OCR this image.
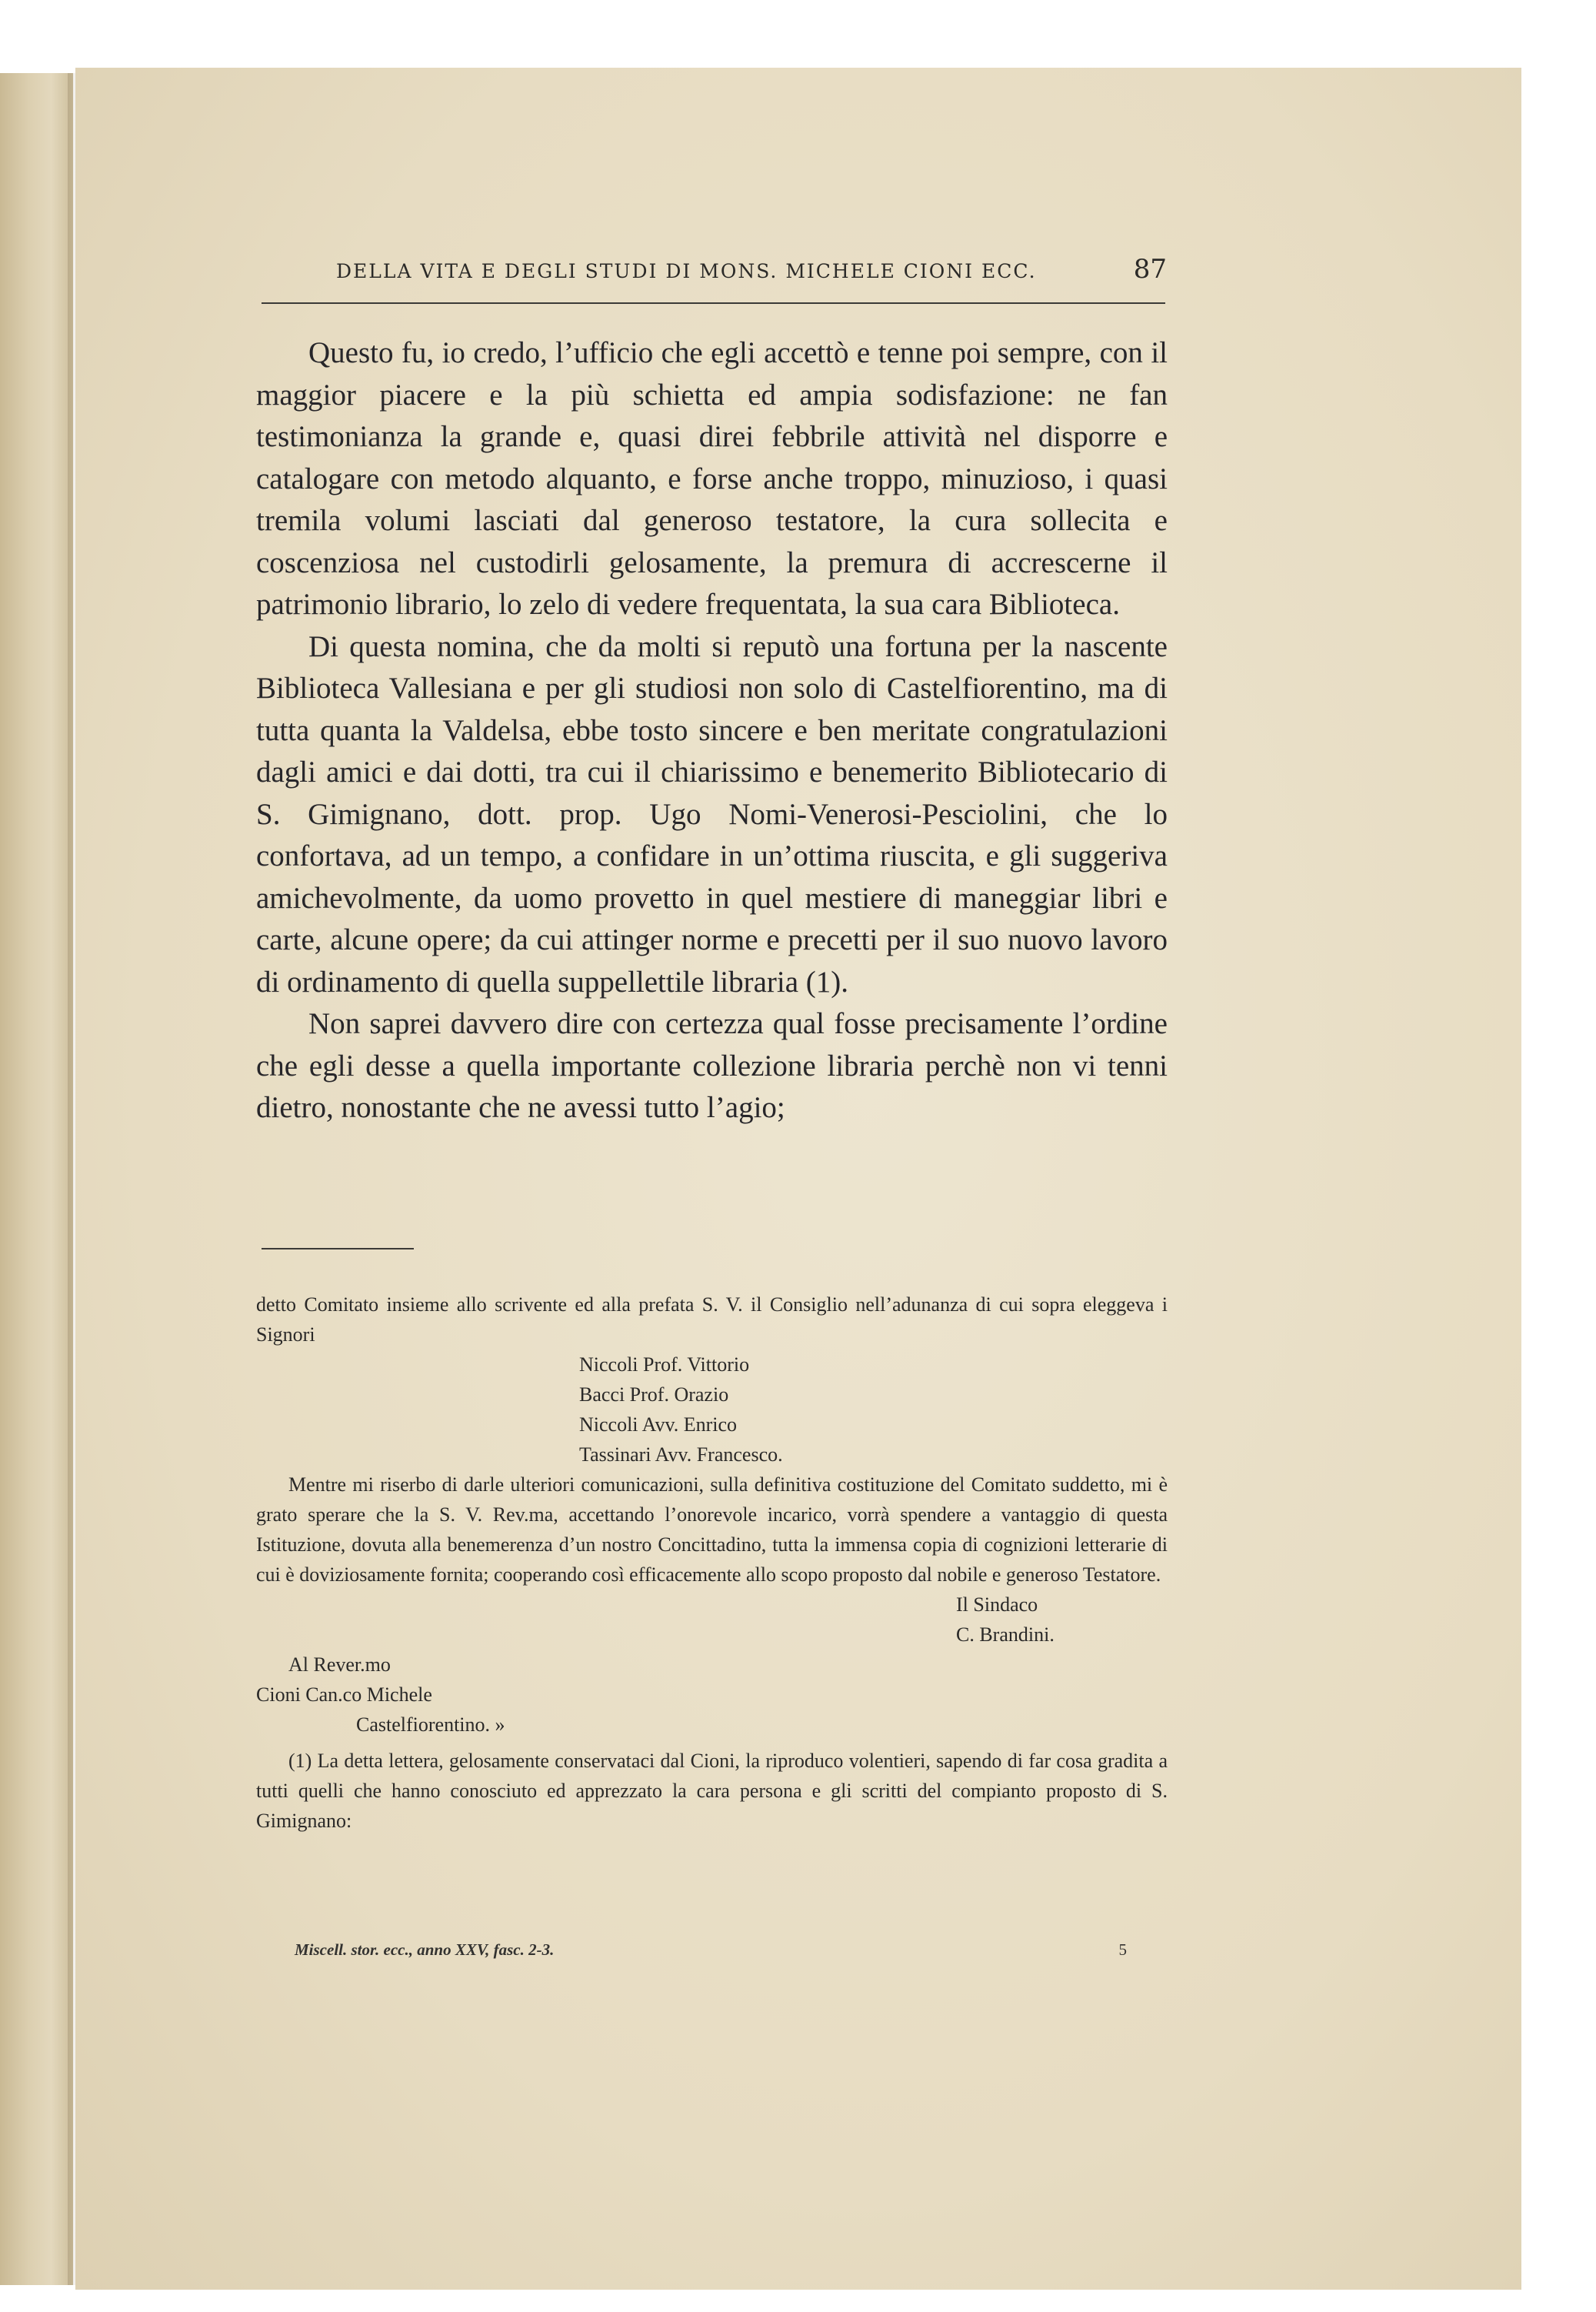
DELLA VITA E DEGLI STUDI DI MONS. MICHELE CIONI ECC.	87

Questo fu, io credo, l’ufficio che egli accettò e tenne poi sempre, con il maggior piacere e la più schietta ed ampia sodisfazione: ne fan testimonianza la grande e, quasi direi febbrile attività nel disporre e catalogare con metodo alquanto, e forse anche troppo, minuzioso, i quasi tremila volumi lasciati dal generoso testatore, la cura sollecita e coscenziosa nel custodirli gelosamente, la premura di accrescerne il patrimonio librario, lo zelo di vedere frequentata, la sua cara Biblioteca.

Di questa nomina, che da molti si reputò una fortuna per la nascente Biblioteca Vallesiana e per gli studiosi non solo di Castelfiorentino, ma di tutta quanta la Valdelsa, ebbe tosto sincere e ben meritate congratulazioni dagli amici e dai dotti, tra cui il chiarissimo e benemerito Bibliotecario di S. Gimignano, dott. prop. Ugo Nomi-Venerosi-Pesciolini, che lo confortava, ad un tempo, a confidare in un’ottima riuscita, e gli suggeriva amichevolmente, da uomo provetto in quel mestiere di maneggiar libri e carte, alcune opere; da cui attinger norme e precetti per il suo nuovo lavoro di ordinamento di quella suppellettile libraria (1).

Non saprei davvero dire con certezza qual fosse precisamente l’ordine che egli desse a quella importante collezione libraria perchè non vi tenni dietro, nonostante che ne avessi tutto l’agio;

detto Comitato insieme allo scrivente ed alla prefata S. V. il Consiglio nell’adunanza di cui sopra eleggeva i Signori
Niccoli Prof. Vittorio
Bacci Prof. Orazio
Niccoli Avv. Enrico
Tassinari Avv. Francesco.
Mentre mi riserbo di darle ulteriori comunicazioni, sulla definitiva costituzione del Comitato suddetto, mi è grato sperare che la S. V. Rev.ma, accettando l’onorevole incarico, vorrà spendere a vantaggio di questa Istituzione, dovuta alla benemerenza d’un nostro Concittadino, tutta la immensa copia di cognizioni letterarie di cui è doviziosamente fornita; cooperando così efficacemente allo scopo proposto dal nobile e generoso Testatore.
Il Sindaco
C. Brandini.
Al Rever.mo
Cioni Can.co Michele
Castelfiorentino. »
(1) La detta lettera, gelosamente conservataci dal Cioni, la riproduco volentieri, sapendo di far cosa gradita a tutti quelli che hanno conosciuto ed apprezzato la cara persona e gli scritti del compianto proposto di S. Gimignano:
Miscell. stor. ecc., anno XXV, fasc. 2-3.	5
